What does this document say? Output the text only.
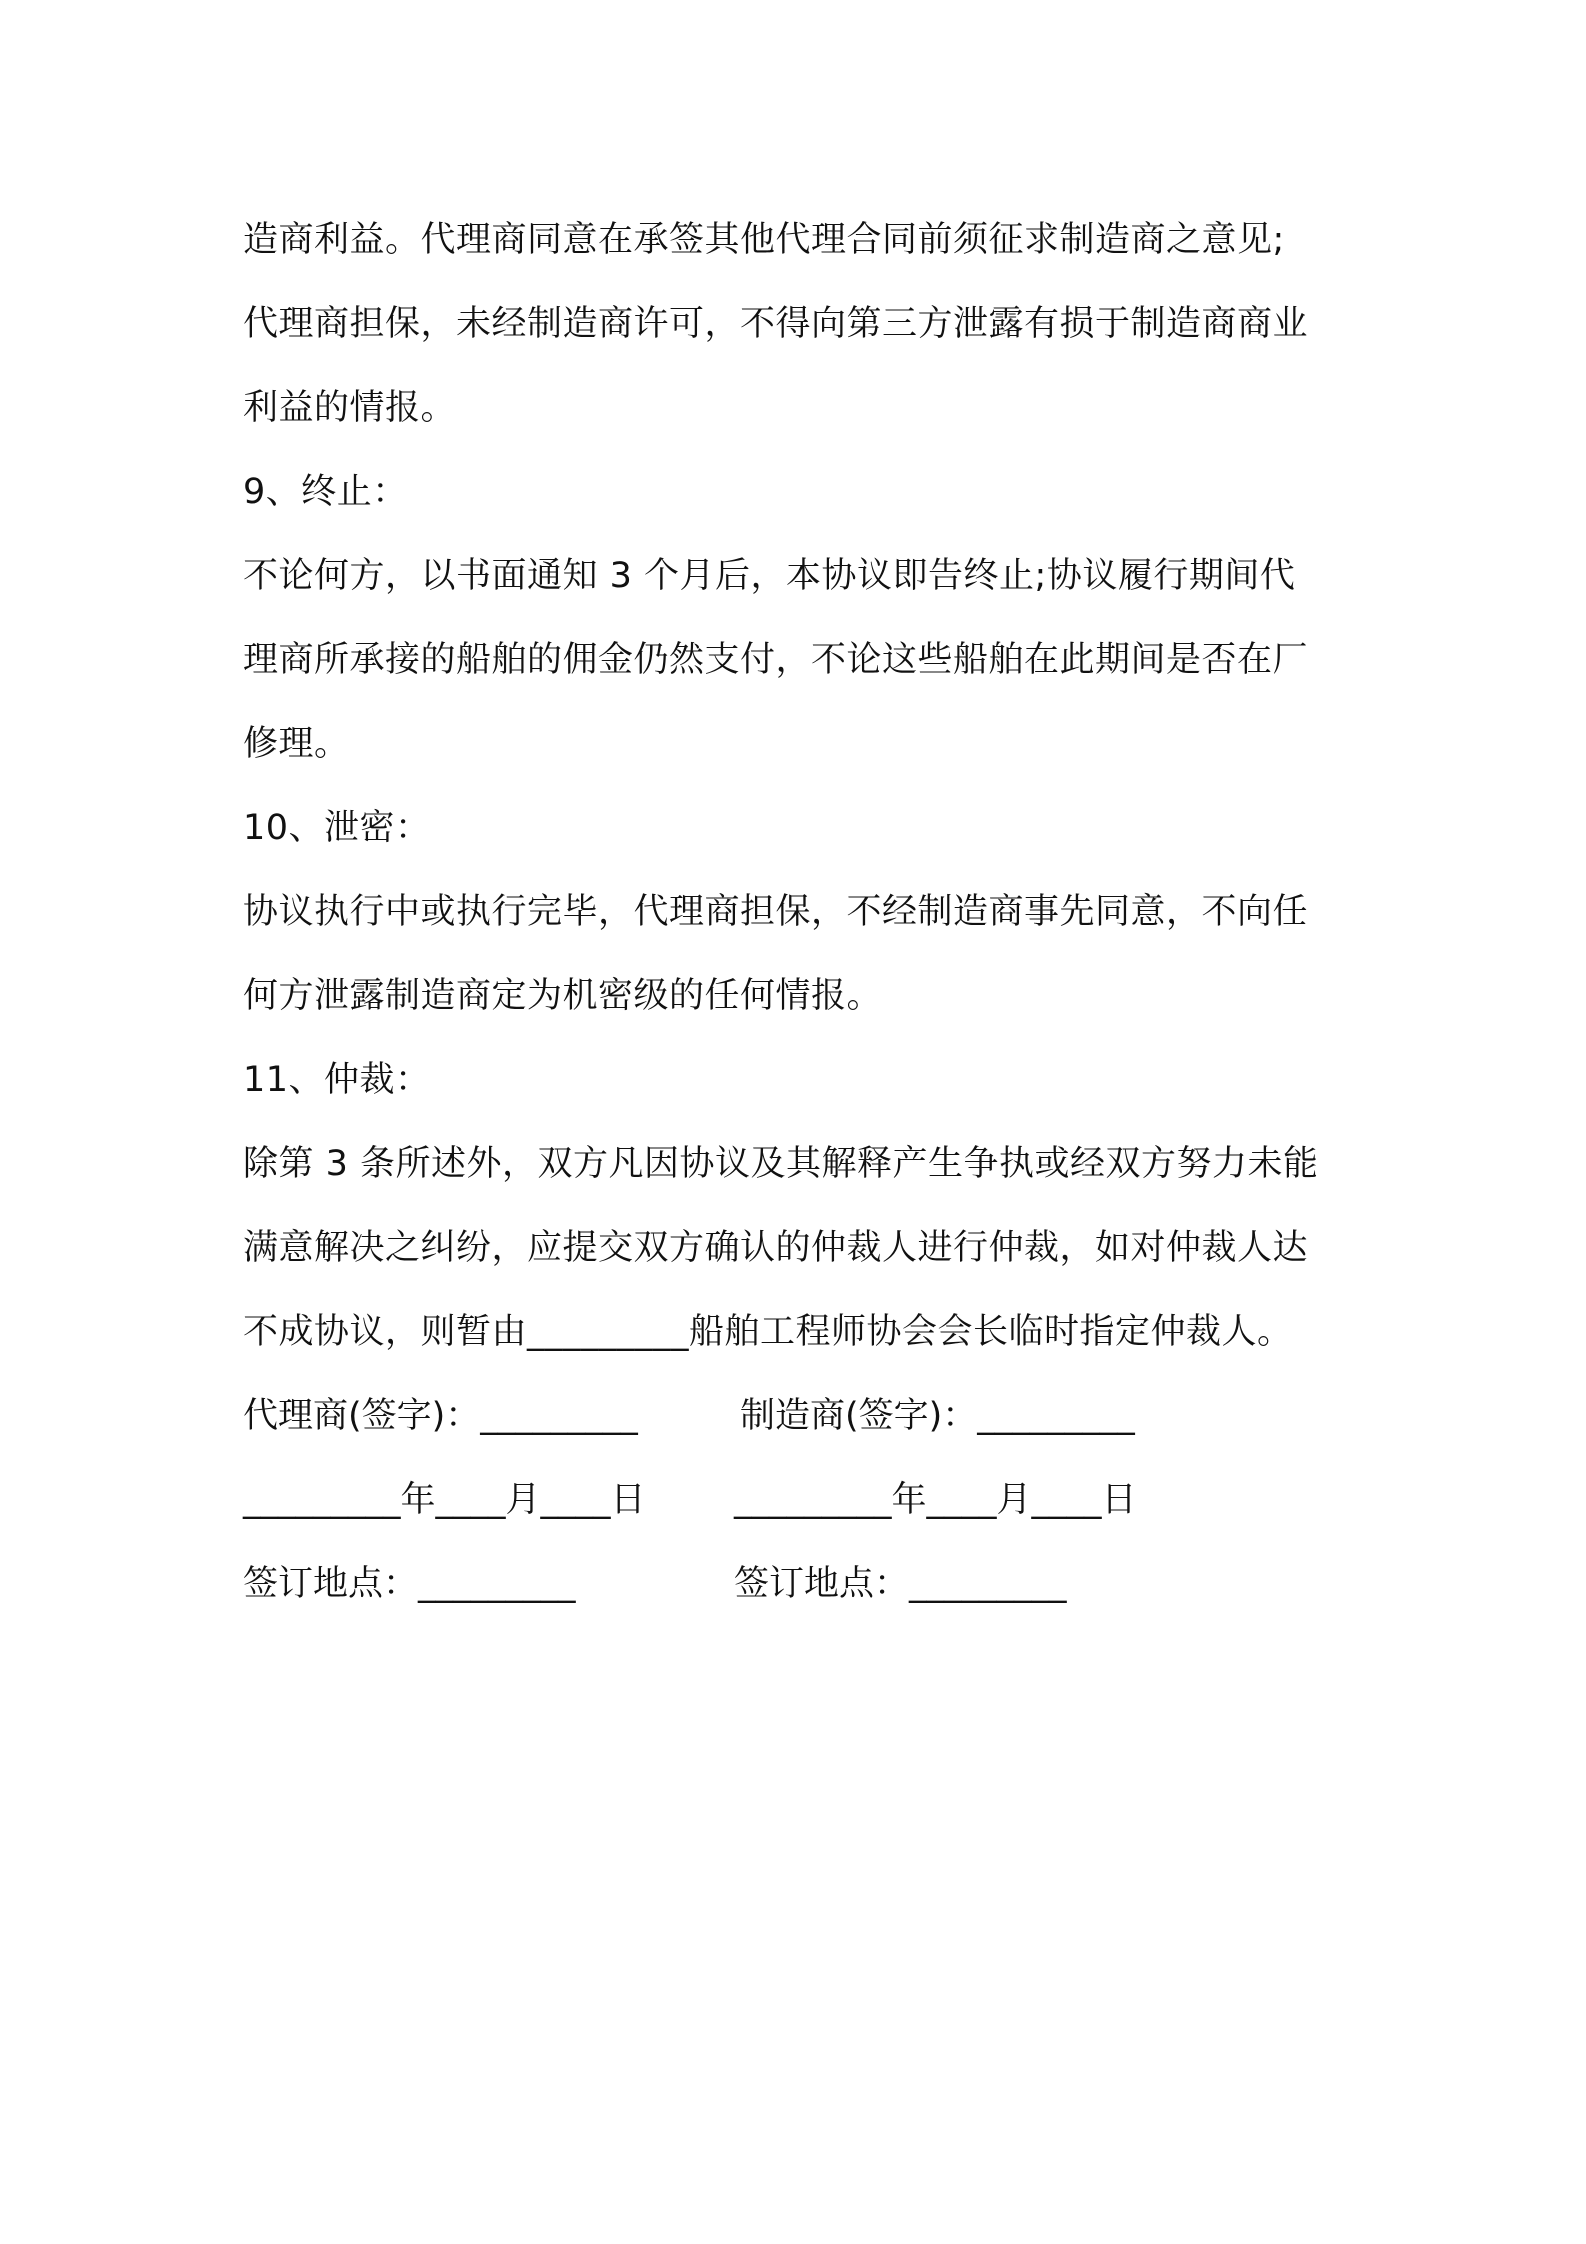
造商利益。代理商同意在承签其他代理合同前须征求制造商之意见;
代理商担保，未经制造商许可，不得向第三方泄露有损于制造商商业
利益的情报。
9、终止：
不论何方，以书面通知 3 个月后，本协议即告终止;协议履行期间代
理商所承接的船舶的佣金仍然支付，不论这些船舶在此期间是否在厂
修理。
10、泄密：
协议执行中或执行完毕，代理商担保，不经制造商事先同意，不向任
何方泄露制造商定为机密级的任何情报。
11、仲裁：
除第 3 条所述外，双方凡因协议及其解释产生争执或经双方努力未能
满意解决之纠纷，应提交双方确认的仲裁人进行仲裁，如对仲裁人达
不成协议，则暂由_________船舶工程师协会会长临时指定仲裁人。
代理商(签字)：_________	制造商(签字)：_________
_________年____月____日	_________年____月____日
签订地点：_________	签订地点：_________
